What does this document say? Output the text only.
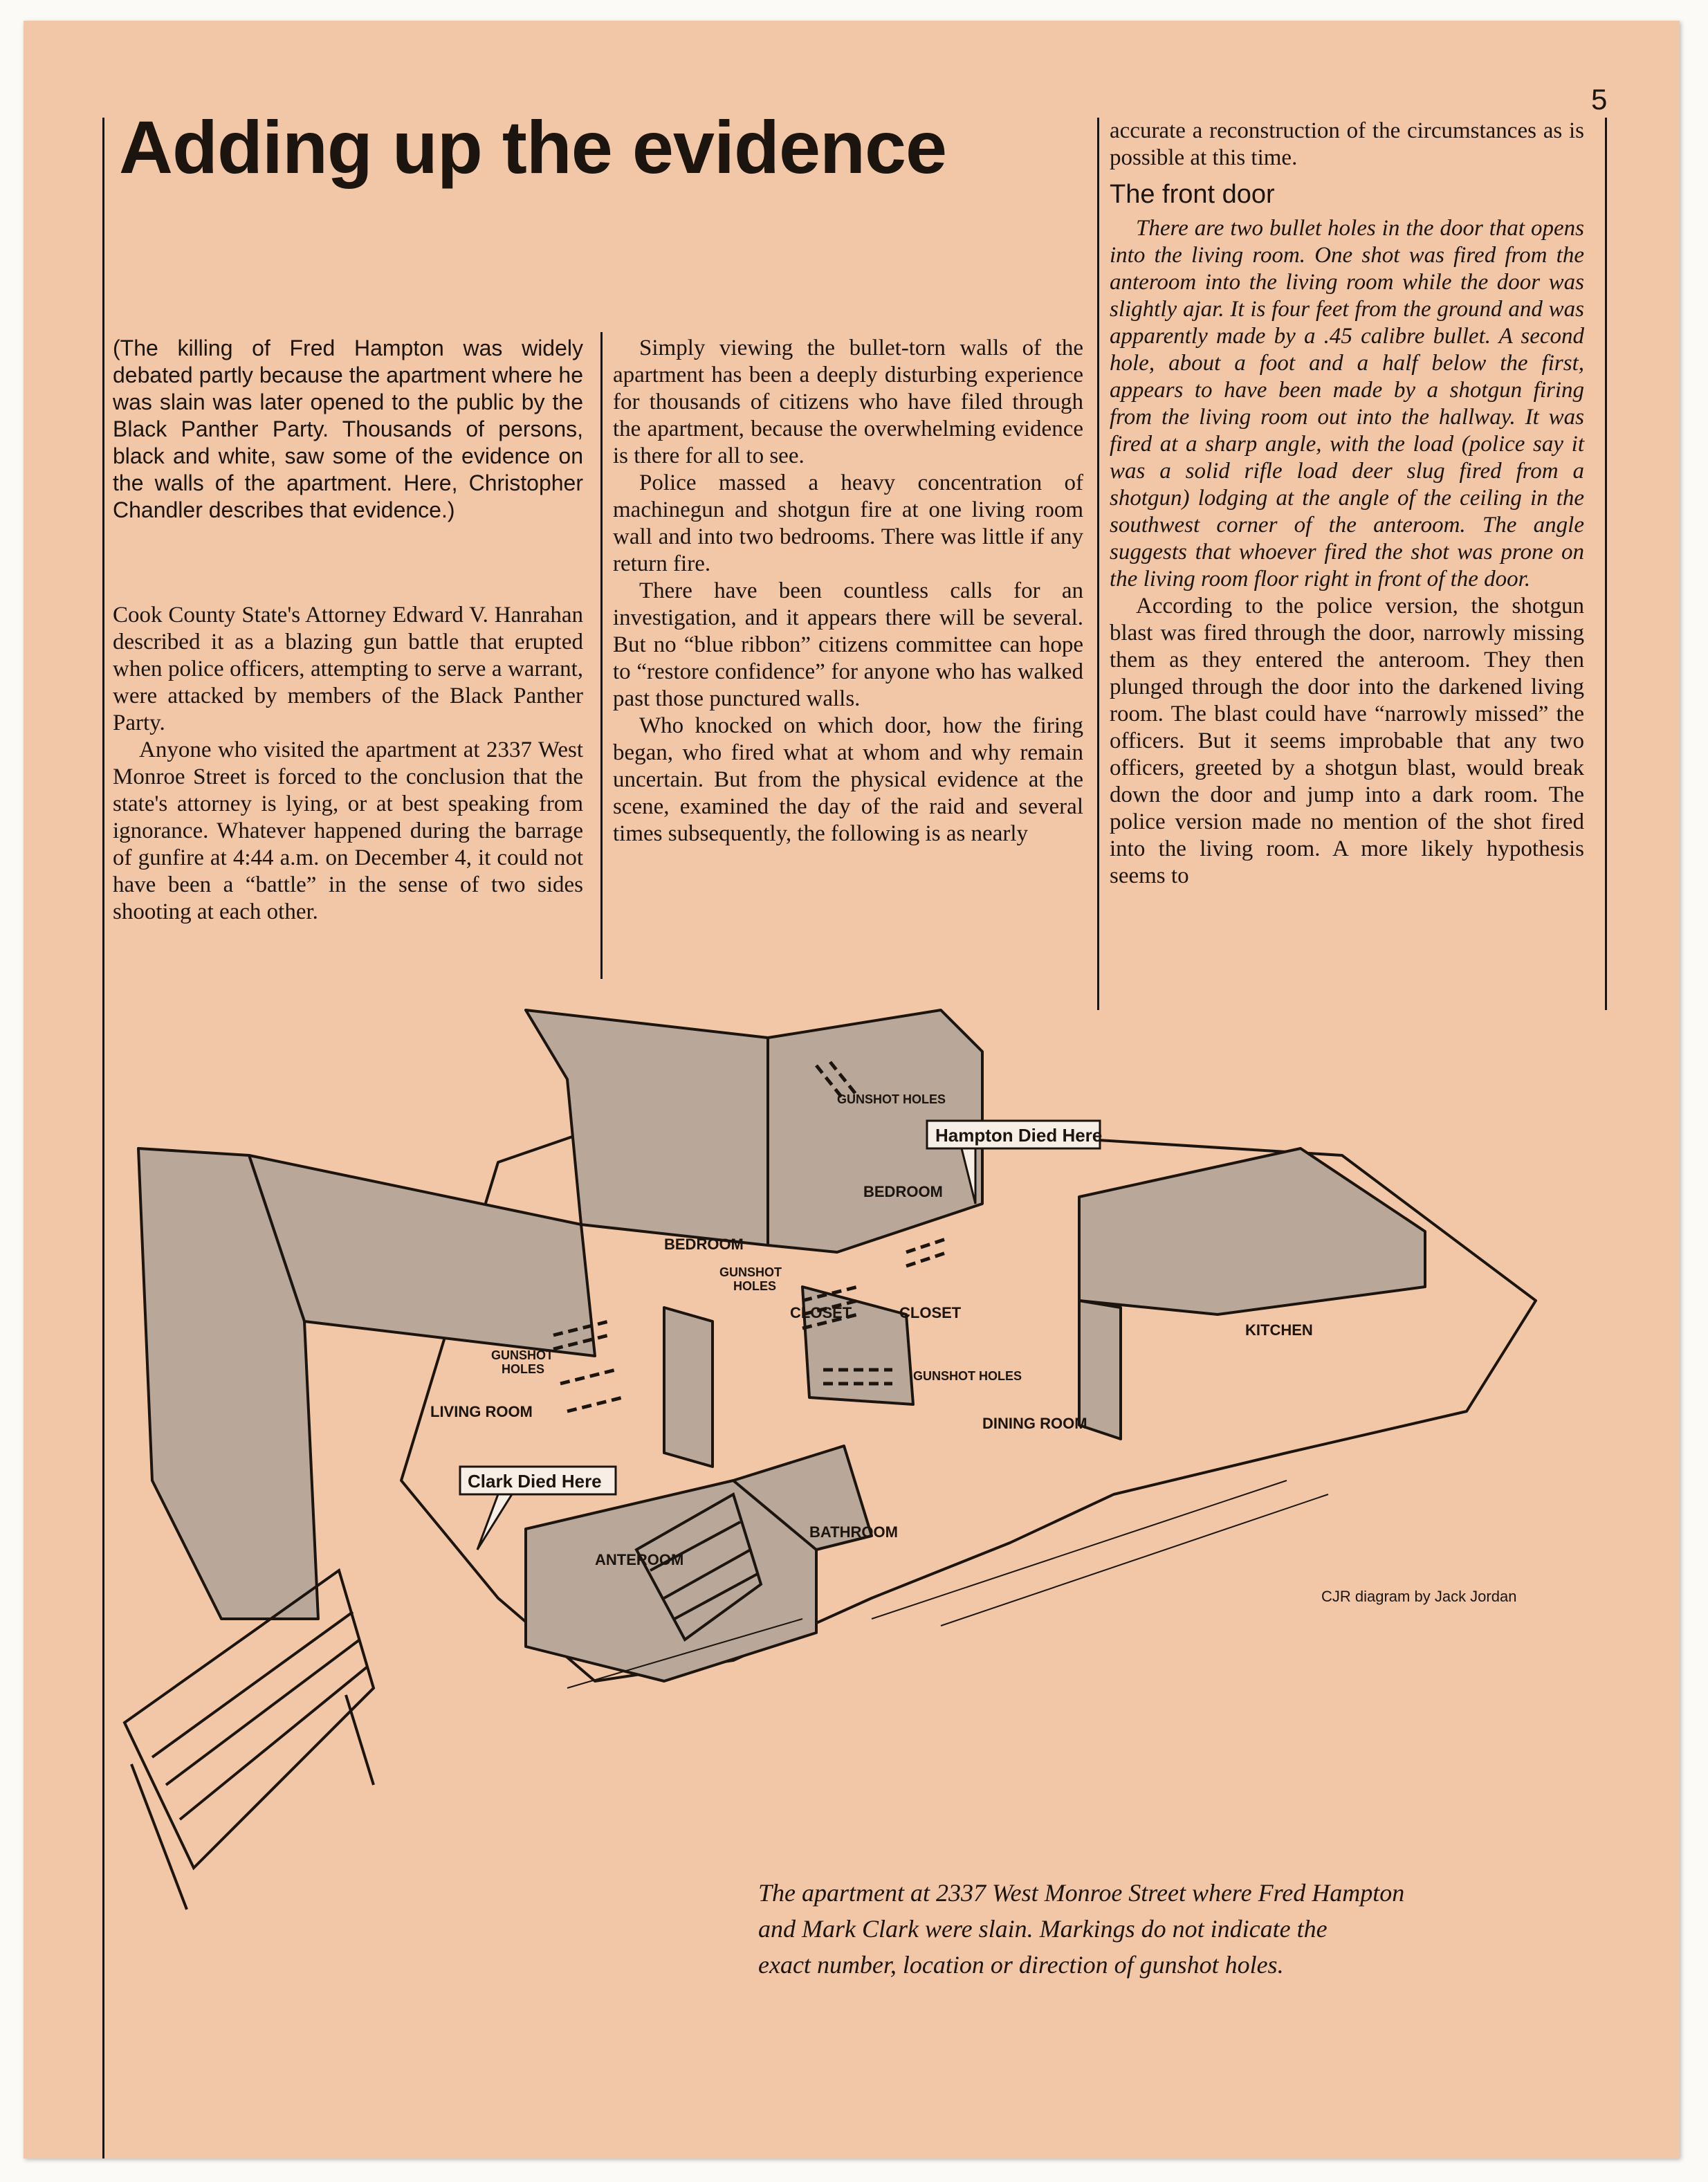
5
Adding up the evidence

(The killing of Fred Hampton was widely debated partly because the apartment where he was slain was later opened to the public by the Black Panther Party. Thousands of persons, black and white, saw some of the evidence on the walls of the apartment. Here, Christopher Chandler describes that evidence.)

Cook County State's Attorney Edward V. Hanrahan described it as a blazing gun battle that erupted when police officers, attempting to serve a warrant, were attacked by members of the Black Panther Party.

Anyone who visited the apartment at 2337 West Monroe Street is forced to the conclusion that the state's attorney is lying, or at best speaking from ignorance. Whatever happened during the barrage of gunfire at 4:44 a.m. on December 4, it could not have been a “battle” in the sense of two sides shooting at each other.

Simply viewing the bullet-torn walls of the apartment has been a deeply disturbing experience for thousands of citizens who have filed through the apartment, because the overwhelming evidence is there for all to see.

Police massed a heavy concentration of machinegun and shotgun fire at one living room wall and into two bedrooms. There was little if any return fire.

There have been countless calls for an investigation, and it appears there will be several. But no “blue ribbon” citizens committee can hope to “restore confidence” for anyone who has walked past those punctured walls.

Who knocked on which door, how the firing began, who fired what at whom and why remain uncertain. But from the physical evidence at the scene, examined the day of the raid and several times subsequently, the following is as nearly

accurate a reconstruction of the circumstances as is possible at this time.

The front door

There are two bullet holes in the door that opens into the living room. One shot was fired from the anteroom into the living room while the door was slightly ajar. It is four feet from the ground and was apparently made by a .45 calibre bullet. A second hole, about a foot and a half below the first, appears to have been made by a shotgun firing from the living room out into the hallway. It was fired at a sharp angle, with the load (police say it was a solid rifle load deer slug fired from a shotgun) lodging at the angle of the ceiling in the southwest corner of the anteroom. The angle suggests that whoever fired the shot was prone on the living room floor right in front of the door.

According to the police version, the shotgun blast was fired through the door, narrowly missing them as they entered the anteroom. They then plunged through the door into the darkened living room. The blast could have “narrowly missed” the officers. But it seems improbable that any two officers, greeted by a shotgun blast, would break down the door and jump into a dark room. The police version made no mention of the shot fired into the living room. A more likely hypothesis seems to

GUNSHOT HOLES
Hampton Died Here
BEDROOM
BEDROOM
GUNSHOT
HOLES
CLOSET	CLOSET
KITCHEN
GUNSHOT
HOLES	GUNSHOT HOLES
LIVING ROOM
DINING ROOM
Clark Died Here
BATHROOM
ANTEROOM
CJR diagram by Jack Jordan
The apartment at 2337 West Monroe Street where Fred Hampton
and Mark Clark were slain. Markings do not indicate the
exact number, location or direction of gunshot holes.
